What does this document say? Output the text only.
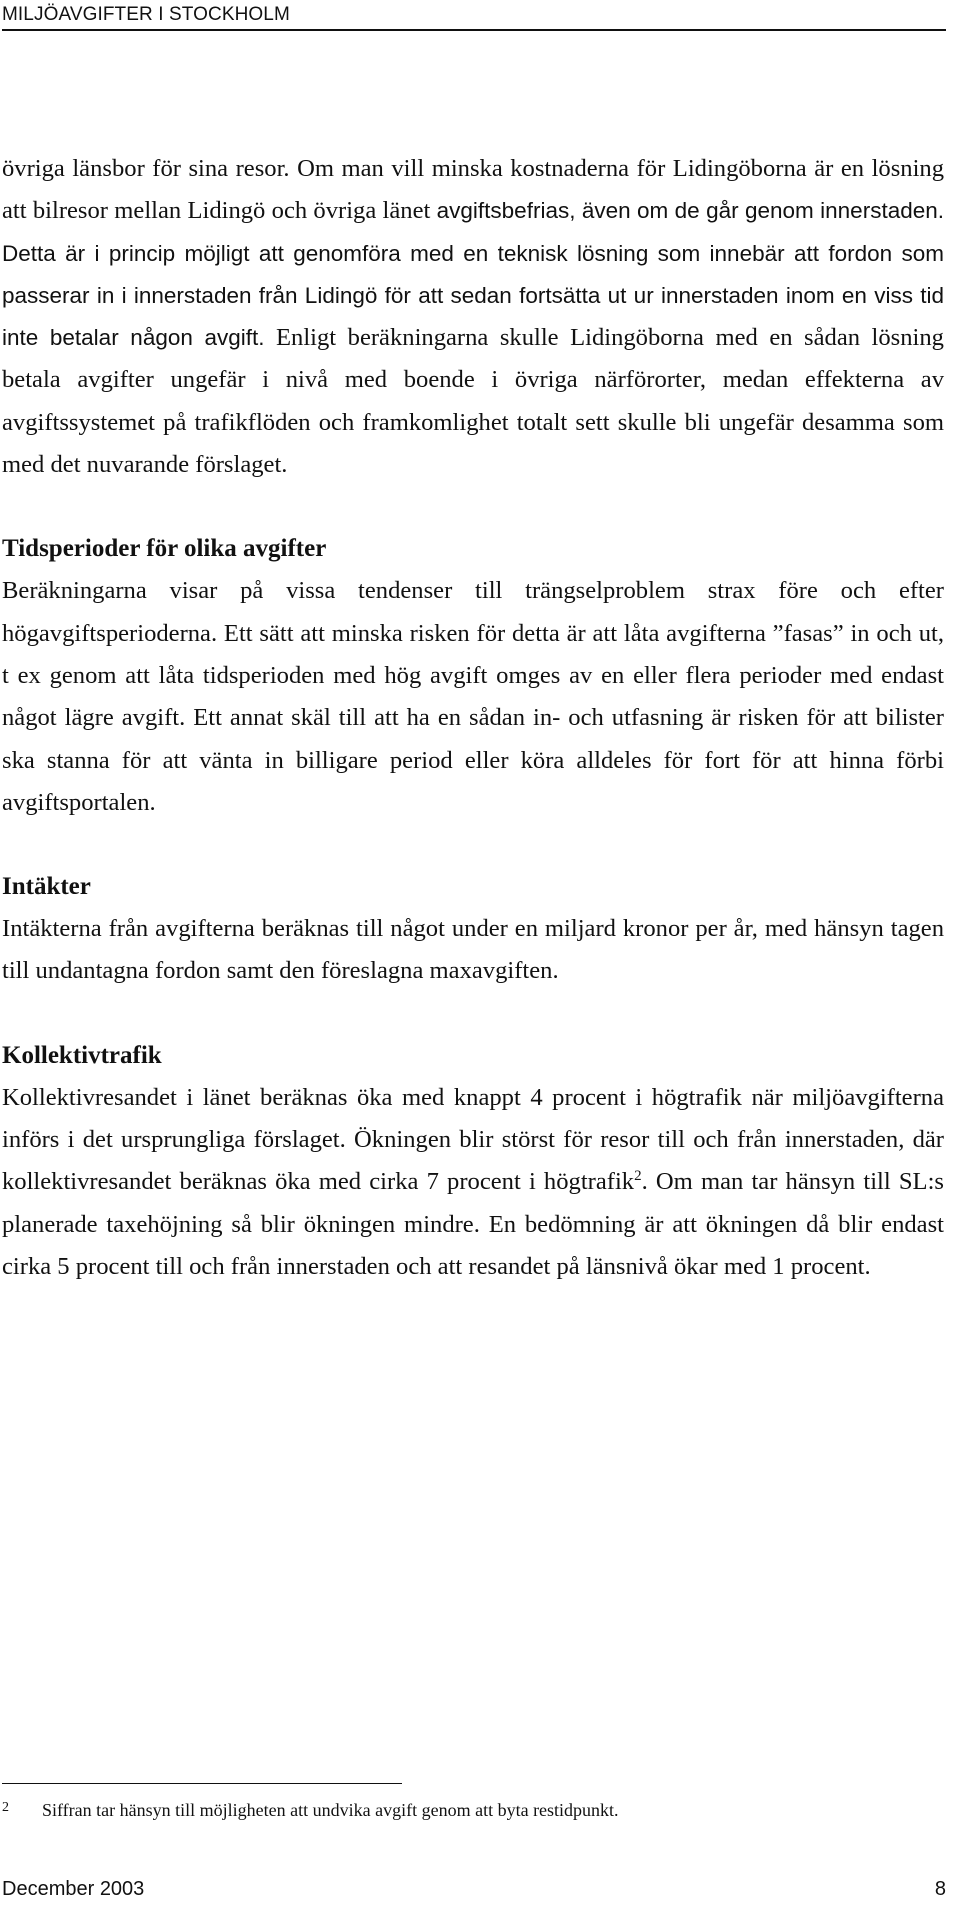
MILJÖAVGIFTER I STOCKHOLM

övriga länsbor för sina resor. Om man vill minska kostnaderna för Lidingöborna är en lösning att bilresor mellan Lidingö och övriga länet avgiftsbefrias, även om de går genom innerstaden. Detta är i princip möjligt att genomföra med en teknisk lösning som innebär att fordon som passerar in i innerstaden från Lidingö för att sedan fortsätta ut ur innerstaden inom en viss tid inte betalar någon avgift. Enligt beräkningarna skulle Lidingöborna med en sådan lösning betala avgifter ungefär i nivå med boende i övriga närförorter, medan effekterna av avgiftssystemet på trafikflöden och framkomlighet totalt sett skulle bli ungefär desamma som med det nuvarande förslaget.

Tidsperioder för olika avgifter

Beräkningarna visar på vissa tendenser till trängselproblem strax före och efter högavgiftsperioderna. Ett sätt att minska risken för detta är att låta avgifterna ”fasas” in och ut, t ex genom att låta tidsperioden med hög avgift omges av en eller flera perioder med endast något lägre avgift. Ett annat skäl till att ha en sådan in- och utfasning är risken för att bilister ska stanna för att vänta in billigare period eller köra alldeles för fort för att hinna förbi avgiftsportalen.

Intäkter

Intäkterna från avgifterna beräknas till något under en miljard kronor per år, med hänsyn tagen till undantagna fordon samt den föreslagna maxavgiften.

Kollektivtrafik

Kollektivresandet i länet beräknas öka med knappt 4 procent i högtrafik när miljöavgifterna införs i det ursprungliga förslaget. Ökningen blir störst för resor till och från innerstaden, där kollektivresandet beräknas öka med cirka 7 procent i högtrafik$^2$. Om man tar hänsyn till SL:s planerade taxehöjning så blir ökningen mindre. En bedömning är att ökningen då blir endast cirka 5 procent till och från innerstaden och att resandet på länsnivå ökar med 1 procent.

2 Siffran tar hänsyn till möjligheten att undvika avgift genom att byta restidpunkt.
December 2003	8
